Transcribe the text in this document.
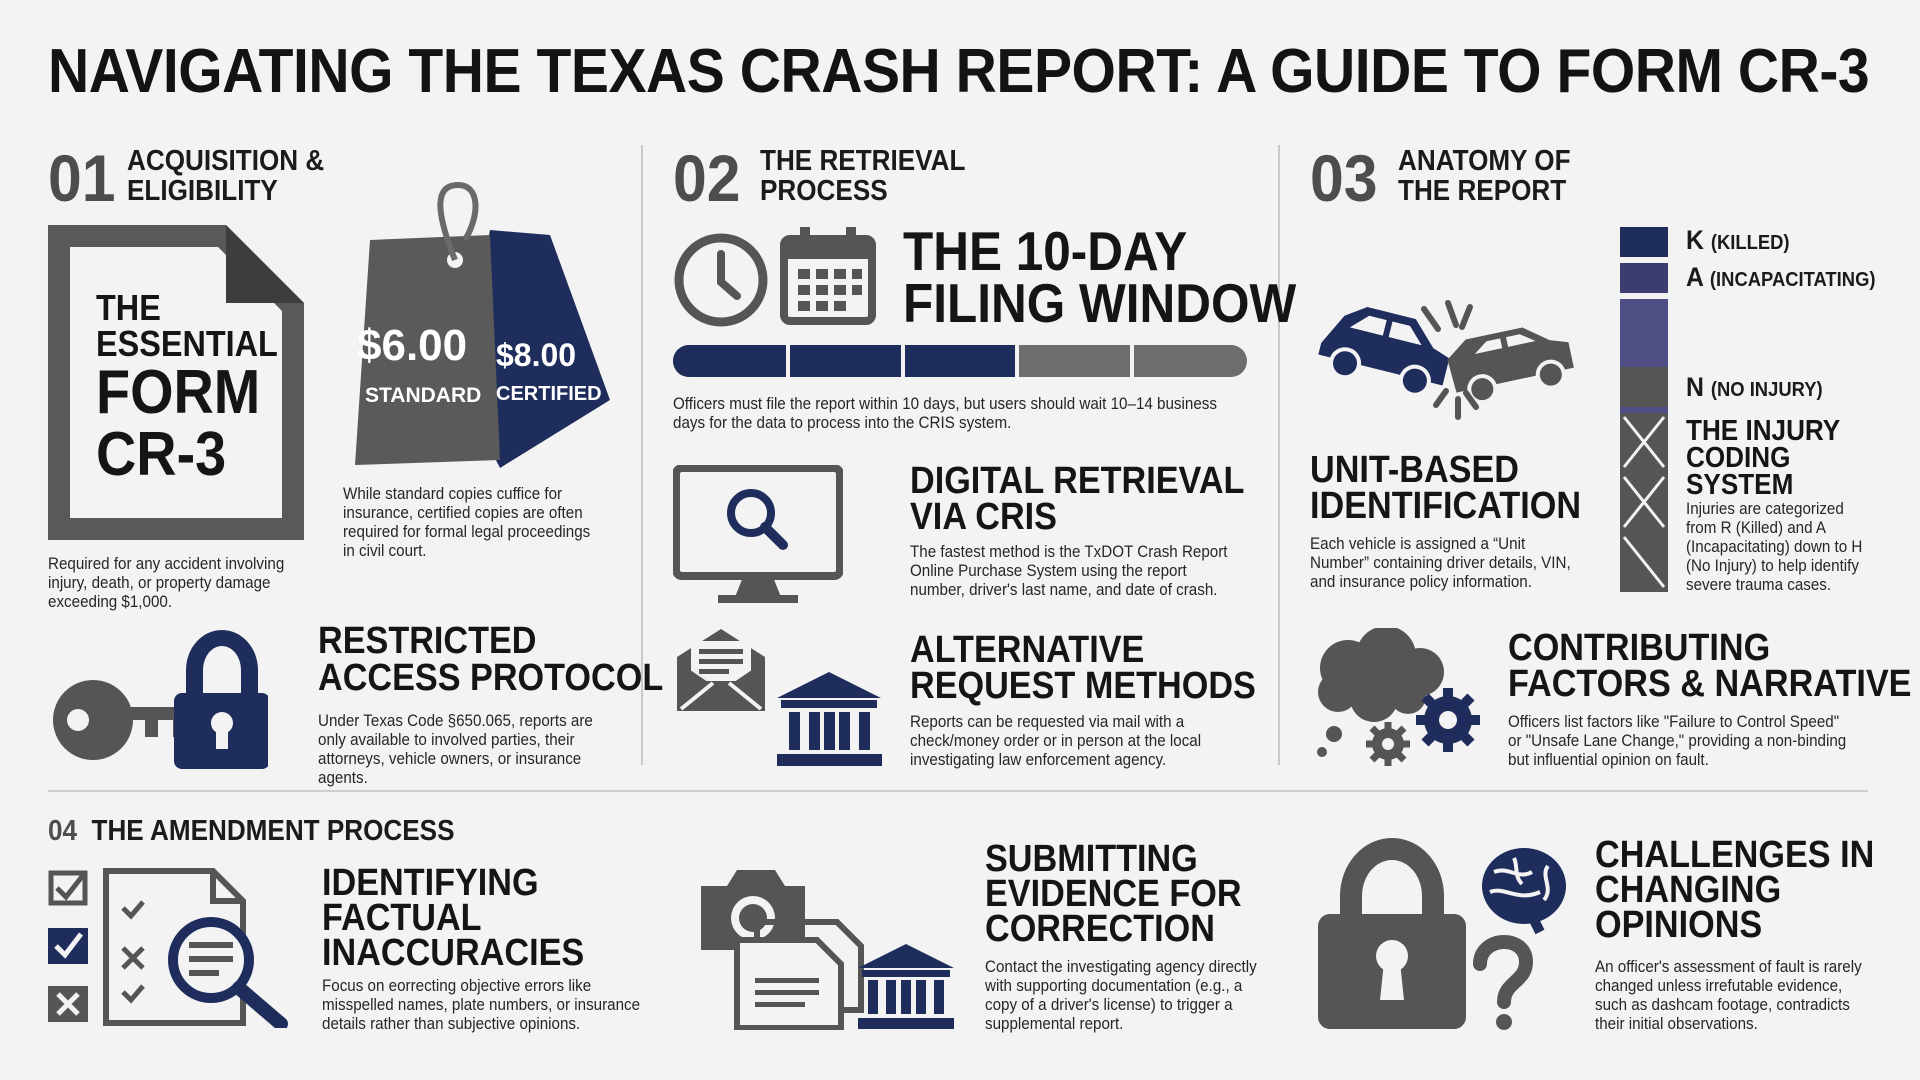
NAVIGATING THE TEXAS CRASH REPORT: A GUIDE TO FORM CR-3
01 ACQUISITION &
ELIGIBILITY
THE
ESSENTIAL
FORM
CR-3
Required for any accident involving injury, death, or property damage exceeding $1,000.
$6.00
STANDARD
$8.00
CERTIFIED
While standard copies cuffice for insurance, certified copies are often required for formal legal proceedings in civil court.
RESTRICTED
ACCESS PROTOCOL
Under Texas Code §650.065, reports are only available to involved parties, their attorneys, vehicle owners, or insurance agents.
02 THE RETRIEVAL
PROCESS
THE 10-DAY
FILING WINDOW
Officers must file the report within 10 days, but users should wait 10–14 business days for the data to process into the CRIS system.
DIGITAL RETRIEVAL
VIA CRIS
The fastest method is the TxDOT Crash Report Online Purchase System using the report number, driver's last name, and date of crash.
ALTERNATIVE
REQUEST METHODS
Reports can be requested via mail with a check/money order or in person at the local investigating law enforcement agency.
03 ANATOMY OF
THE REPORT
UNIT-BASED
IDENTIFICATION
Each vehicle is assigned a “Unit Number” containing driver details, VIN, and insurance policy information.
K (KILLED)
A (INCAPACITATING)
N (NO INJURY)
THE INJURY
CODING
SYSTEM
Injuries are categorized from R (Killed) and A (Incapacitating) down to H (No Injury) to help identify severe trauma cases.
CONTRIBUTING
FACTORS & NARRATIVE
Officers list factors like "Failure to Control Speed" or "Unsafe Lane Change," providing a non-binding but influential opinion on fault.
04 THE AMENDMENT PROCESS
IDENTIFYING
FACTUAL
INACCURACIES
Focus on eorrecting objective errors like misspelled names, plate numbers, or insurance details rather than subjective opinions.
SUBMITTING
EVIDENCE FOR
CORRECTION
Contact the investigating agency directly with supporting documentation (e.g., a copy of a driver's license) to trigger a supplemental report.
CHALLENGES IN
CHANGING
OPINIONS
An officer's assessment of fault is rarely changed unless irrefutable evidence, such as dashcam footage, contradicts their initial observations.
